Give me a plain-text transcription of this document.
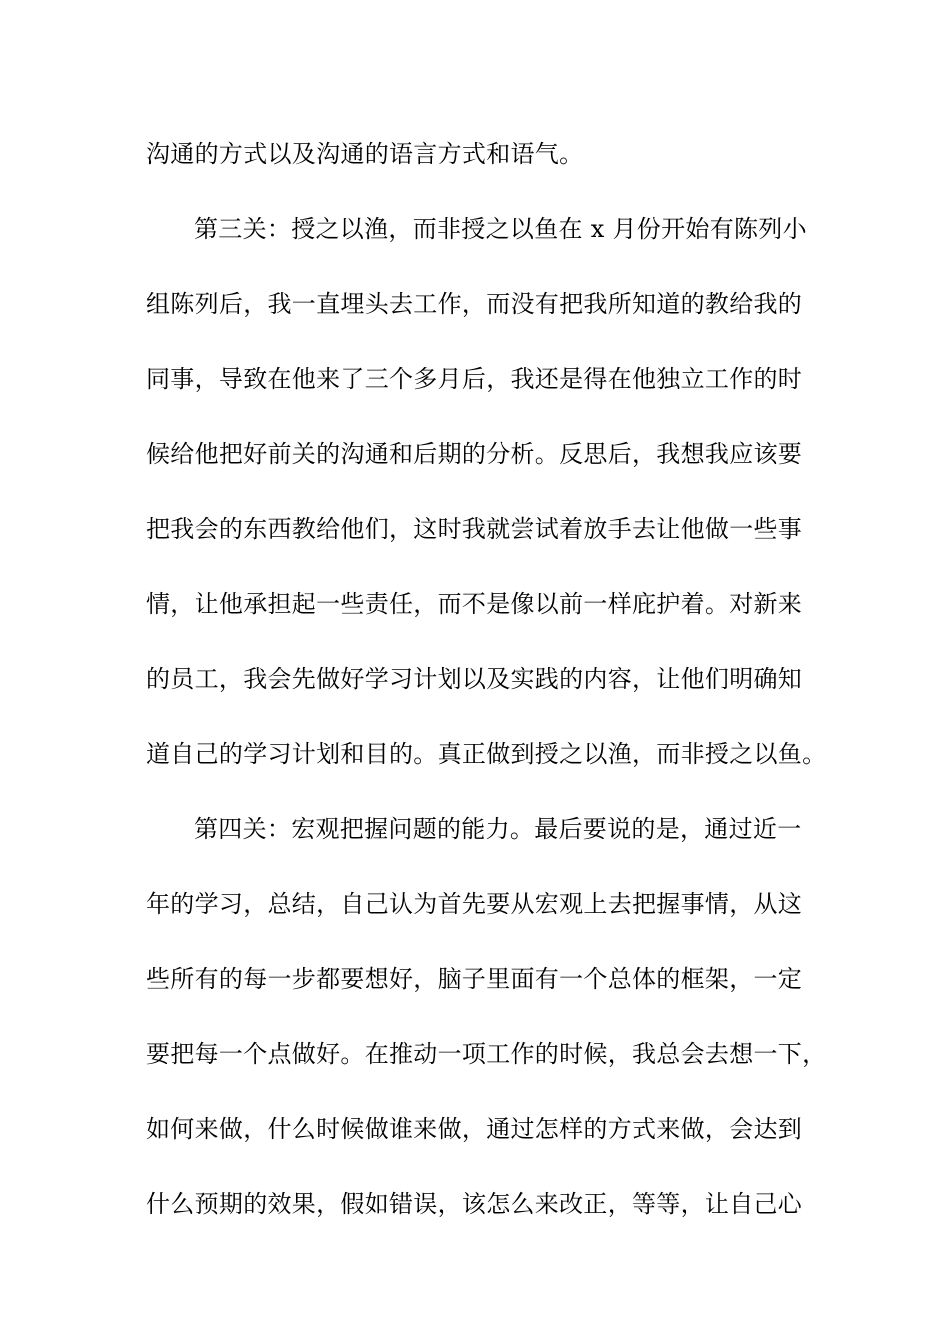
沟通的方式以及沟通的语言方式和语气。
第三关：授之以渔，而非授之以鱼在 x 月份开始有陈列小
组陈列后，我一直埋头去工作，而没有把我所知道的教给我的
同事，导致在他来了三个多月后，我还是得在他独立工作的时
候给他把好前关的沟通和后期的分析。反思后，我想我应该要
把我会的东西教给他们，这时我就尝试着放手去让他做一些事
情，让他承担起一些责任，而不是像以前一样庇护着。对新来
的员工，我会先做好学习计划以及实践的内容，让他们明确知
道自己的学习计划和目的。真正做到授之以渔，而非授之以鱼。
第四关：宏观把握问题的能力。最后要说的是，通过近一
年的学习，总结，自己认为首先要从宏观上去把握事情，从这
些所有的每一步都要想好，脑子里面有一个总体的框架，一定
要把每一个点做好。在推动一项工作的时候，我总会去想一下，
如何来做，什么时候做谁来做，通过怎样的方式来做，会达到
什么预期的效果，假如错误，该怎么来改正，等等，让自己心
